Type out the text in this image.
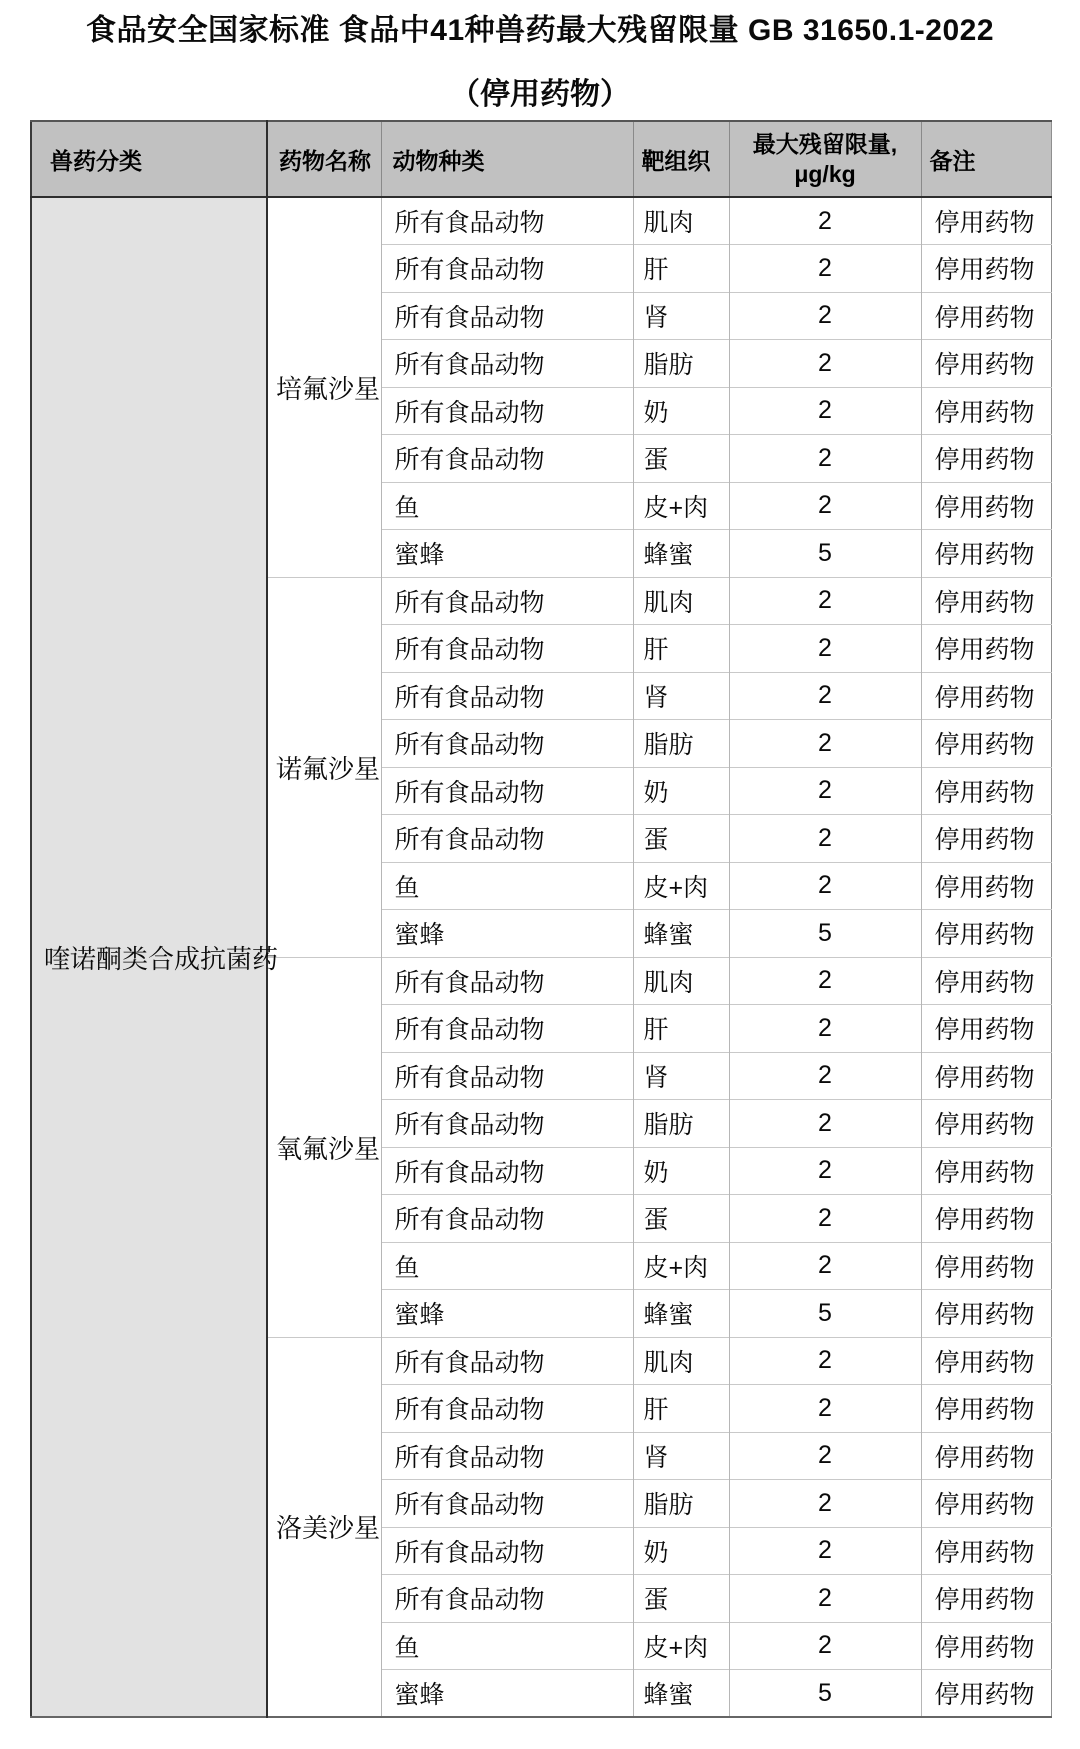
食品安全国家标准 食品中41种兽药最大残留限量 GB 31650.1-2022
（停用药物）
兽药分类	药物名称	动物种类	靶组织	最大残留限量,
μg/kg	备注
喹诺酮类合成抗菌药	培氟沙星	所有食品动物	肌肉	2	停用药物
		所有食品动物	肝	2	停用药物
		所有食品动物	肾	2	停用药物
		所有食品动物	脂肪	2	停用药物
		所有食品动物	奶	2	停用药物
		所有食品动物	蛋	2	停用药物
		鱼	皮+肉	2	停用药物
		蜜蜂	蜂蜜	5	停用药物
	诺氟沙星	所有食品动物	肌肉	2	停用药物
		所有食品动物	肝	2	停用药物
		所有食品动物	肾	2	停用药物
		所有食品动物	脂肪	2	停用药物
		所有食品动物	奶	2	停用药物
		所有食品动物	蛋	2	停用药物
		鱼	皮+肉	2	停用药物
		蜜蜂	蜂蜜	5	停用药物
	氧氟沙星	所有食品动物	肌肉	2	停用药物
		所有食品动物	肝	2	停用药物
		所有食品动物	肾	2	停用药物
		所有食品动物	脂肪	2	停用药物
		所有食品动物	奶	2	停用药物
		所有食品动物	蛋	2	停用药物
		鱼	皮+肉	2	停用药物
		蜜蜂	蜂蜜	5	停用药物
	洛美沙星	所有食品动物	肌肉	2	停用药物
		所有食品动物	肝	2	停用药物
		所有食品动物	肾	2	停用药物
		所有食品动物	脂肪	2	停用药物
		所有食品动物	奶	2	停用药物
		所有食品动物	蛋	2	停用药物
		鱼	皮+肉	2	停用药物
		蜜蜂	蜂蜜	5	停用药物
